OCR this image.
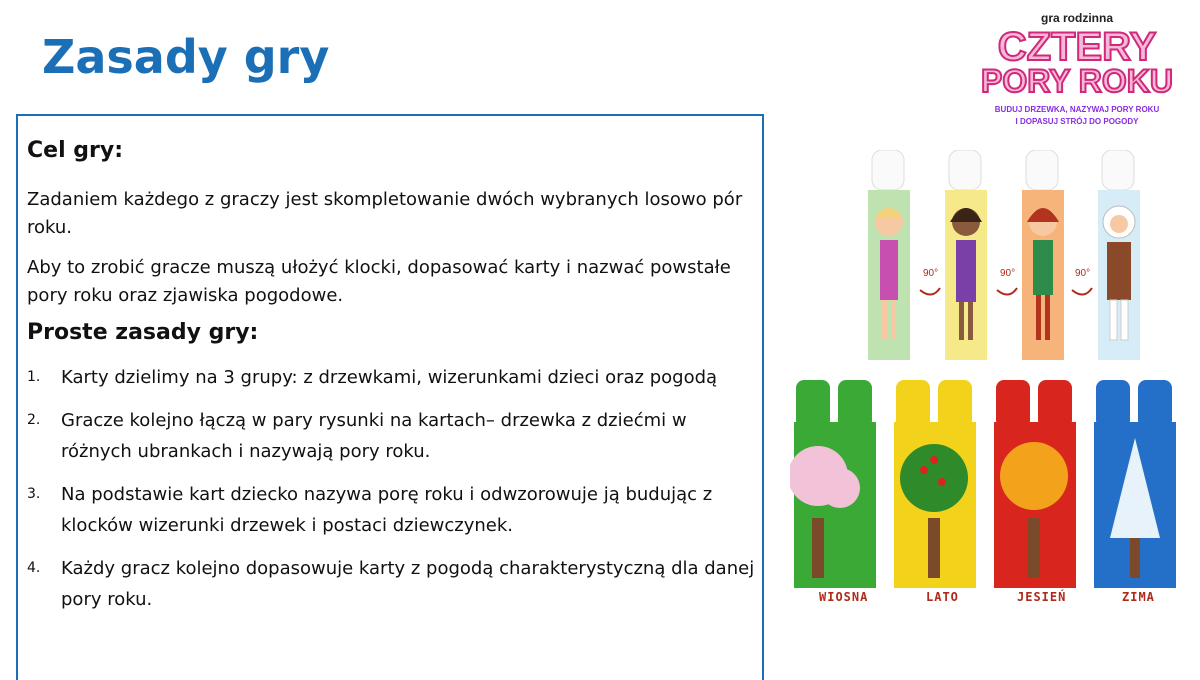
Zasady gry
gra rodzinna
CZTERY
PORY ROKU
BUDUJ DRZEWKA, NAZYWAJ PORY ROKU
I DOPASUJ STRÓJ DO POGODY
Cel gry:
Zadaniem każdego z graczy jest skompletowanie dwóch wybranych losowo pór roku.
Aby to zrobić gracze muszą ułożyć klocki, dopasować karty i nazwać powstałe pory roku oraz zjawiska pogodowe.
Proste zasady gry:
1. Karty dzielimy na 3 grupy: z drzewkami, wizerunkami dzieci oraz pogodą
2. Gracze kolejno łączą w pary rysunki na kartach– drzewka z dziećmi w różnych ubrankach i nazywają pory roku.
3. Na podstawie kart dziecko nazywa porę roku i odwzorowuje ją budując z klocków wizerunki drzewek i postaci dziewczynek.
4. Każdy gracz kolejno dopasowuje karty z pogodą charakterystyczną dla danej pory roku.
90°	90°	90°
WIOSNA	LATO	JESIEŃ	ZIMA
